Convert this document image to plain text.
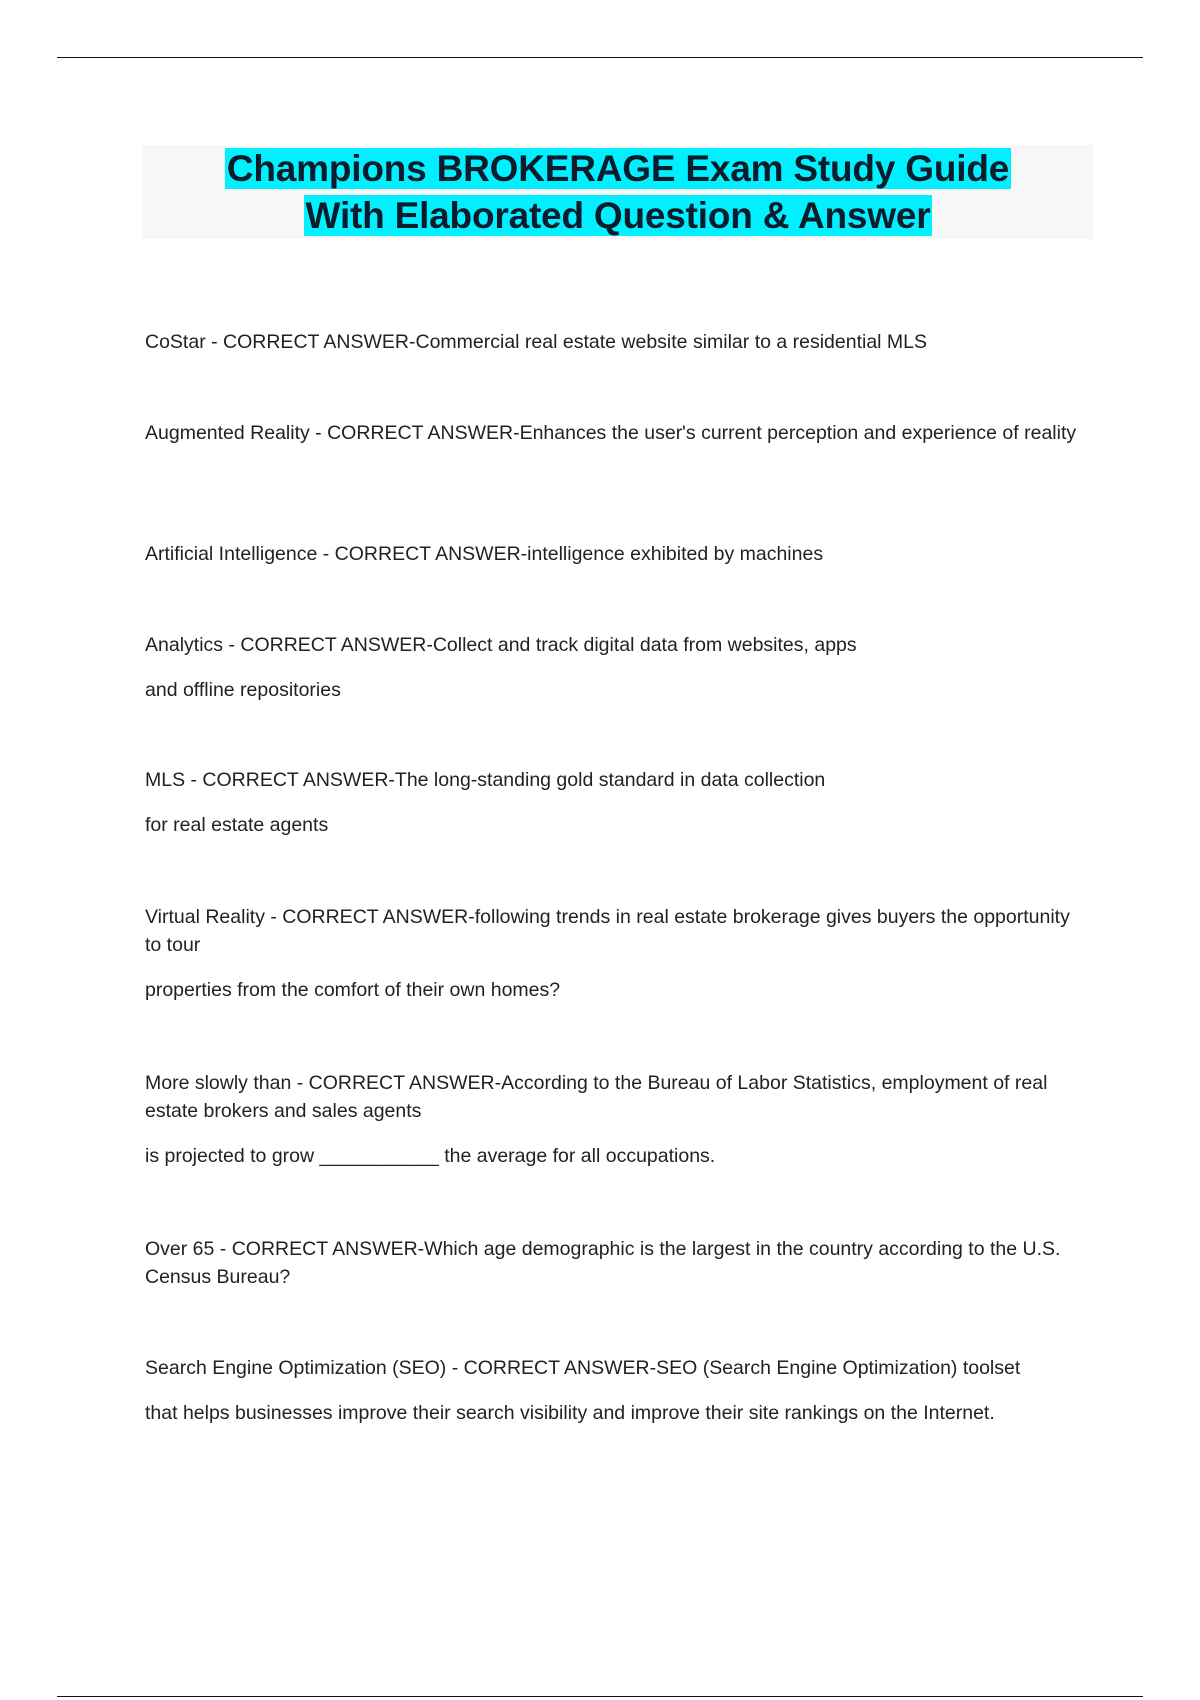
Champions BROKERAGE Exam Study Guide
With Elaborated Question & Answer

CoStar - CORRECT ANSWER-Commercial real estate website similar to a residential MLS

Augmented Reality - CORRECT ANSWER-Enhances the user's current perception and experience of reality

Artificial Intelligence - CORRECT ANSWER-intelligence exhibited by machines

Analytics - CORRECT ANSWER-Collect and track digital data from websites, apps

and offline repositories

MLS - CORRECT ANSWER-The long-standing gold standard in data collection

for real estate agents

Virtual Reality - CORRECT ANSWER-following trends in real estate brokerage gives buyers the opportunity to tour

properties from the comfort of their own homes?

More slowly than - CORRECT ANSWER-According to the Bureau of Labor Statistics, employment of real estate brokers and sales agents

is projected to grow ___________ the average for all occupations.

Over 65 - CORRECT ANSWER-Which age demographic is the largest in the country according to the U.S. Census Bureau?

Search Engine Optimization (SEO) - CORRECT ANSWER-SEO (Search Engine Optimization) toolset

that helps businesses improve their search visibility and improve their site rankings on the Internet.
